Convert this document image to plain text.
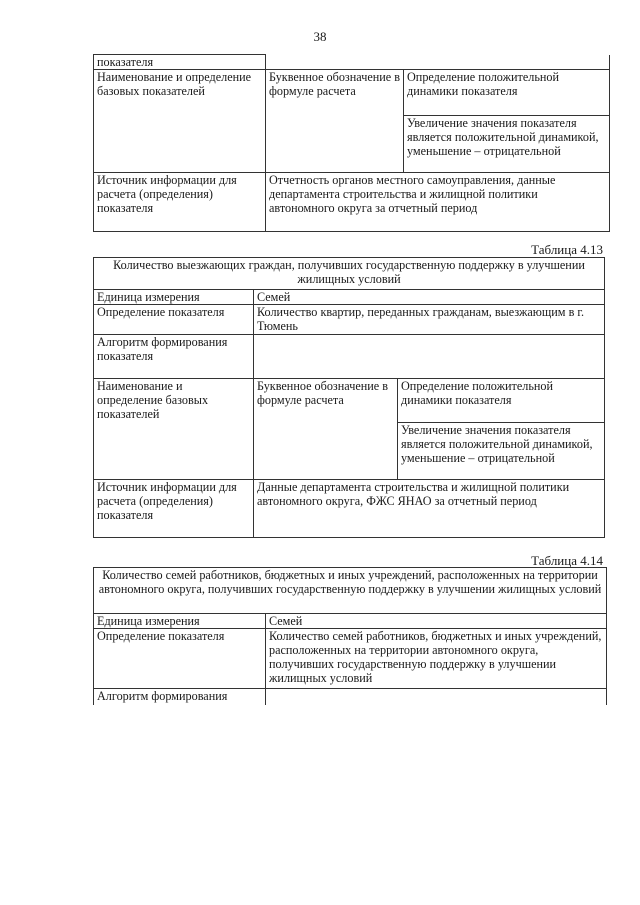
38
показателя		
Наименование и определение базовых показателей	Буквенное обозначение в формуле расчета	Определение положительной динамики показателя
		Увеличение значения показателя является положительной динамикой, уменьшение – отрицательной
Источник информации для расчета (определения) показателя	Отчетность органов местного самоуправления, данные департамента строительства и жилищной политики автономного округа за отчетный период	
Таблица 4.13
Количество выезжающих граждан, получивших государственную поддержку в улучшении жилищных условий		
Единица измерения	Семей	
Определение показателя	Количество квартир, переданных гражданам, выезжающим в г. Тюмень	
Алгоритм формирования показателя		
Наименование и определение базовых показателей	Буквенное обозначение в формуле расчета	Определение положительной динамики показателя
		Увеличение значения показателя является положительной динамикой, уменьшение – отрицательной
Источник информации для расчета (определения) показателя	Данные департамента строительства и жилищной политики автономного округа, ФЖС ЯНАО за отчетный период	
Таблица 4.14
Количество семей работников, бюджетных и иных учреждений, расположенных на территории автономного округа, получивших государственную поддержку в улучшении жилищных условий	
Единица измерения	Семей
Определение показателя	Количество семей работников, бюджетных и иных учреждений, расположенных на территории автономного округа, получивших государственную поддержку в улучшении жилищных условий
Алгоритм формирования	
